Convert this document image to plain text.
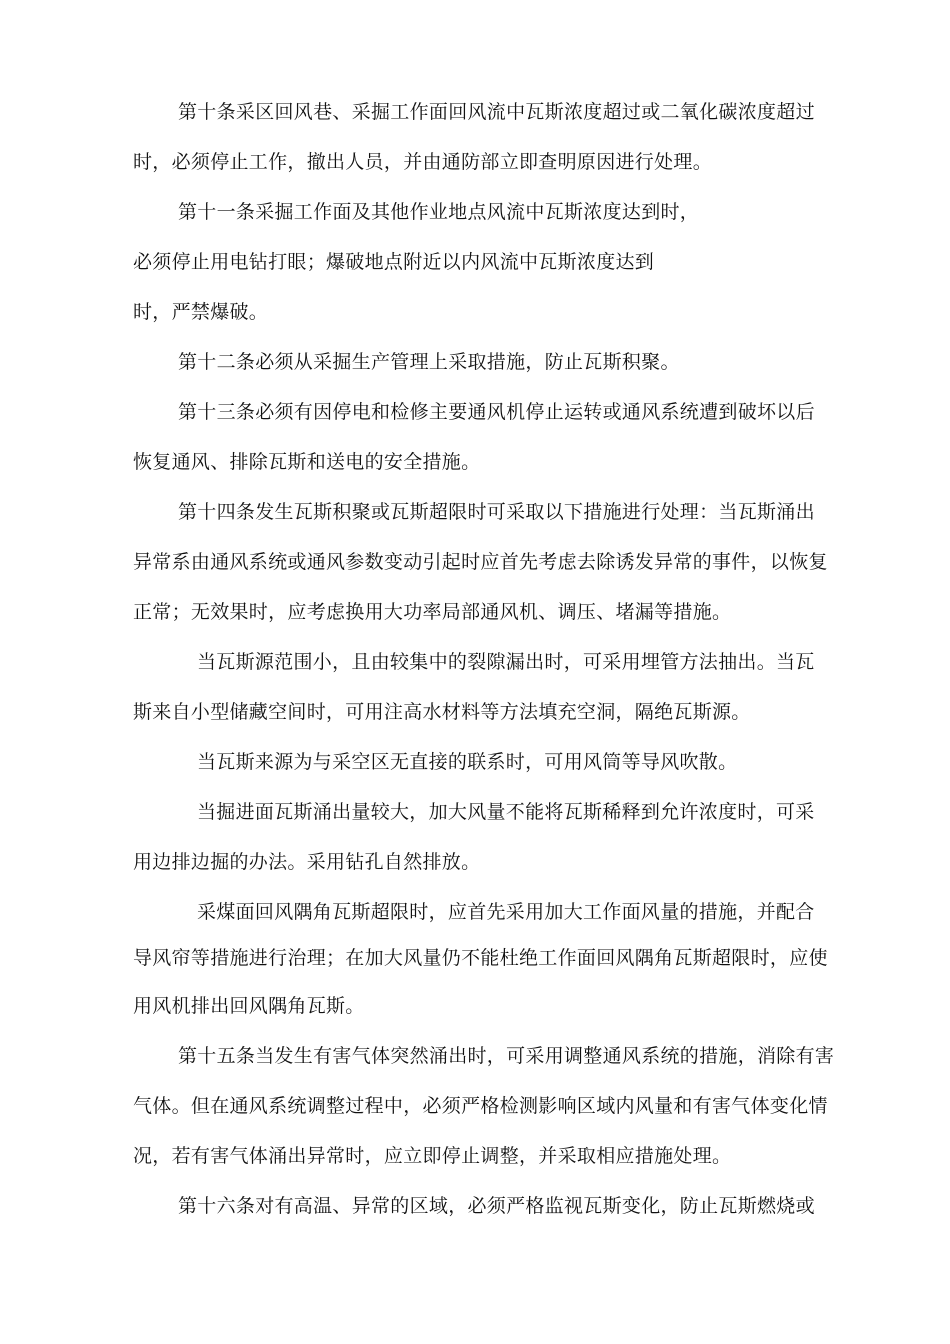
第十条采区回风巷、采掘工作面回风流中瓦斯浓度超过或二氧化碳浓度超过
时，必须停止工作，撤出人员，并由通防部立即查明原因进行处理。
第十一条采掘工作面及其他作业地点风流中瓦斯浓度达到时，
必须停止用电钻打眼；爆破地点附近以内风流中瓦斯浓度达到
时，严禁爆破。
第十二条必须从采掘生产管理上采取措施，防止瓦斯积聚。
第十三条必须有因停电和检修主要通风机停止运转或通风系统遭到破坏以后
恢复通风、排除瓦斯和送电的安全措施。
第十四条发生瓦斯积聚或瓦斯超限时可采取以下措施进行处理：当瓦斯涌出
异常系由通风系统或通风参数变动引起时应首先考虑去除诱发异常的事件，以恢复
正常；无效果时，应考虑换用大功率局部通风机、调压、堵漏等措施。
当瓦斯源范围小，且由较集中的裂隙漏出时，可采用埋管方法抽出。当瓦
斯来自小型储藏空间时，可用注高水材料等方法填充空洞，隔绝瓦斯源。
当瓦斯来源为与采空区无直接的联系时，可用风筒等导风吹散。
当掘进面瓦斯涌出量较大，加大风量不能将瓦斯稀释到允许浓度时，可采
用边排边掘的办法。采用钻孔自然排放。
采煤面回风隅角瓦斯超限时，应首先采用加大工作面风量的措施，并配合
导风帘等措施进行治理；在加大风量仍不能杜绝工作面回风隅角瓦斯超限时，应使
用风机排出回风隅角瓦斯。
第十五条当发生有害气体突然涌出时，可采用调整通风系统的措施，消除有害
气体。但在通风系统调整过程中，必须严格检测影响区域内风量和有害气体变化情
况，若有害气体涌出异常时，应立即停止调整，并采取相应措施处理。
第十六条对有高温、异常的区域，必须严格监视瓦斯变化，防止瓦斯燃烧或
